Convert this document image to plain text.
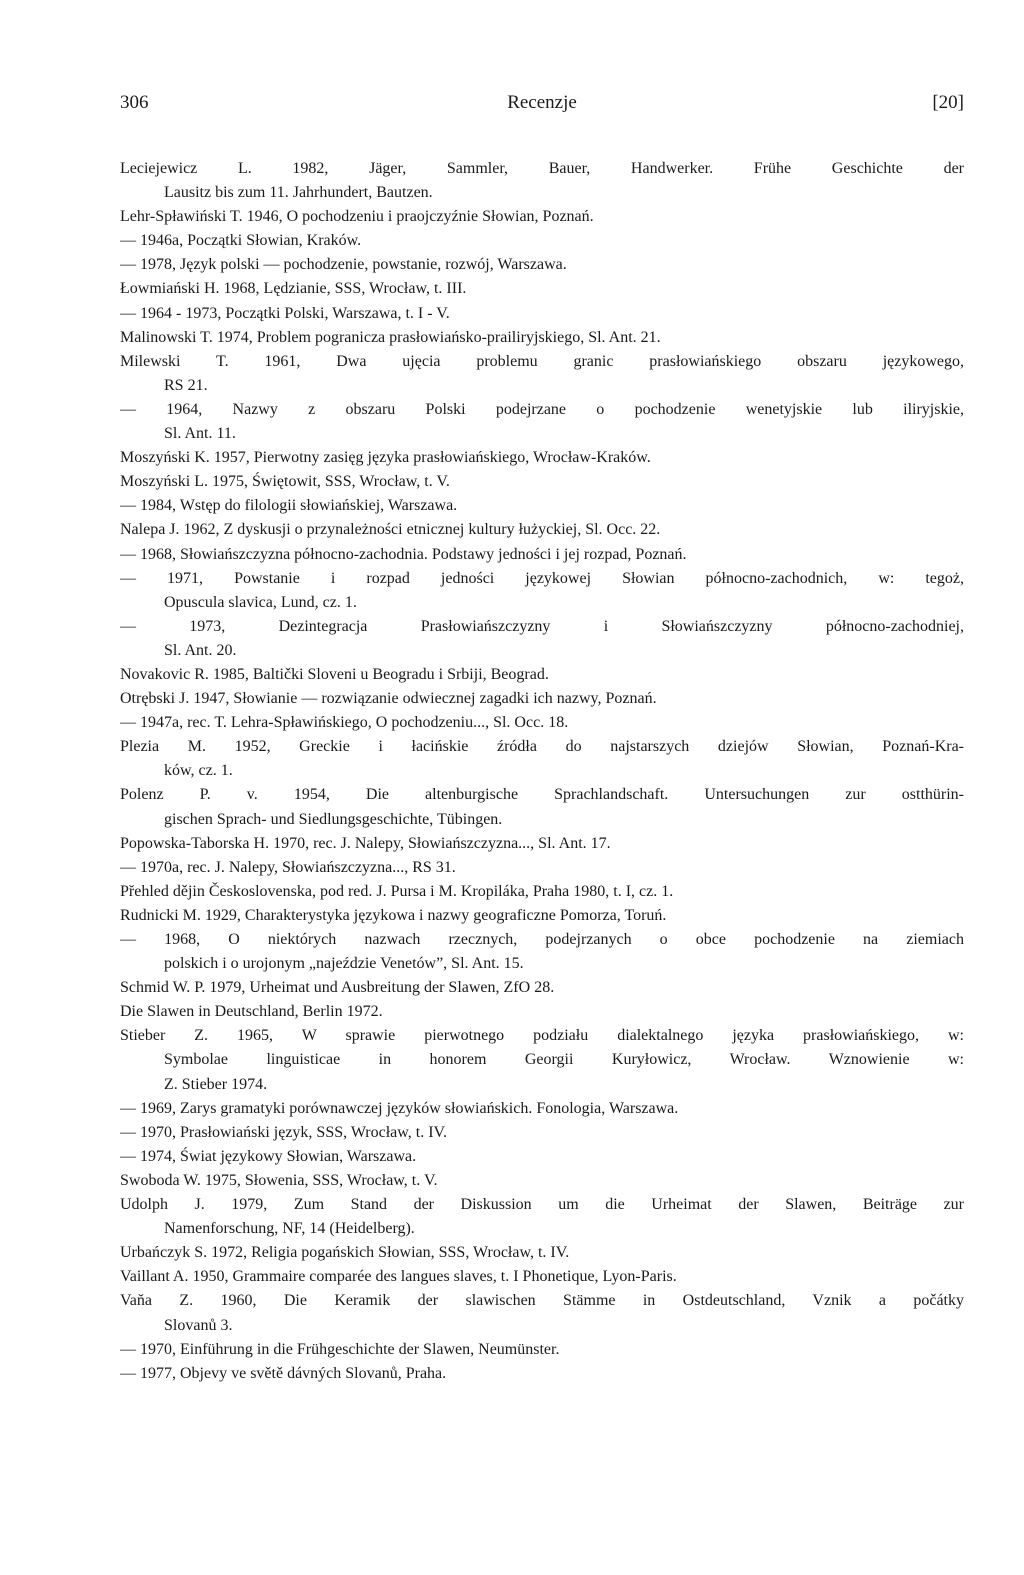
306	Recenzje	[20]
Leciejewicz L. 1982, Jäger, Sammler, Bauer, Handwerker. Frühe Geschichte der
Lausitz bis zum 11. Jahrhundert, Bautzen.
Lehr-Spławiński T. 1946, O pochodzeniu i praojczyźnie Słowian, Poznań.
— 1946a, Początki Słowian, Kraków.
— 1978, Język polski — pochodzenie, powstanie, rozwój, Warszawa.
Łowmiański H. 1968, Lędzianie, SSS, Wrocław, t. III.
— 1964 - 1973, Początki Polski, Warszawa, t. I - V.
Malinowski T. 1974, Problem pogranicza prasłowiańsko-prailiryjskiego, Sl. Ant. 21.
Milewski T. 1961, Dwa ujęcia problemu granic prasłowiańskiego obszaru językowego,
RS 21.
— 1964, Nazwy z obszaru Polski podejrzane o pochodzenie wenetyjskie lub iliryjskie,
Sl. Ant. 11.
Moszyński K. 1957, Pierwotny zasięg języka prasłowiańskiego, Wrocław-Kraków.
Moszyński L. 1975, Świętowit, SSS, Wrocław, t. V.
— 1984, Wstęp do filologii słowiańskiej, Warszawa.
Nalepa J. 1962, Z dyskusji o przynależności etnicznej kultury łużyckiej, Sl. Occ. 22.
— 1968, Słowiańszczyzna północno-zachodnia. Podstawy jedności i jej rozpad, Poznań.
— 1971, Powstanie i rozpad jedności językowej Słowian północno-zachodnich, w: tegoż,
Opuscula slavica, Lund, cz. 1.
— 1973, Dezintegracja Prasłowiańszczyzny i Słowiańszczyzny północno-zachodniej,
Sl. Ant. 20.
Novakovic R. 1985, Baltički Sloveni u Beogradu i Srbiji, Beograd.
Otrębski J. 1947, Słowianie — rozwiązanie odwiecznej zagadki ich nazwy, Poznań.
— 1947a, rec. T. Lehra-Spławińskiego, O pochodzeniu..., Sl. Occ. 18.
Plezia M. 1952, Greckie i łacińskie źródła do najstarszych dziejów Słowian, Poznań-Kra-
ków, cz. 1.
Polenz P. v. 1954, Die altenburgische Sprachlandschaft. Untersuchungen zur ostthürin-
gischen Sprach- und Siedlungsgeschichte, Tübingen.
Popowska-Taborska H. 1970, rec. J. Nalepy, Słowiańszczyzna..., Sl. Ant. 17.
— 1970a, rec. J. Nalepy, Słowiańszczyzna..., RS 31.
Přehled dějin Československa, pod red. J. Pursa i M. Kropiláka, Praha 1980, t. I, cz. 1.
Rudnicki M. 1929, Charakterystyka językowa i nazwy geograficzne Pomorza, Toruń.
— 1968, O niektórych nazwach rzecznych, podejrzanych o obce pochodzenie na ziemiach
polskich i o urojonym „najeździe Venetów”, Sl. Ant. 15.
Schmid W. P. 1979, Urheimat und Ausbreitung der Slawen, ZfO 28.
Die Slawen in Deutschland, Berlin 1972.
Stieber Z. 1965, W sprawie pierwotnego podziału dialektalnego języka prasłowiańskiego, w:
Symbolae linguisticae in honorem Georgii Kuryłowicz, Wrocław. Wznowienie w:
Z. Stieber 1974.
— 1969, Zarys gramatyki porównawczej języków słowiańskich. Fonologia, Warszawa.
— 1970, Prasłowiański język, SSS, Wrocław, t. IV.
— 1974, Świat językowy Słowian, Warszawa.
Swoboda W. 1975, Słowenia, SSS, Wrocław, t. V.
Udolph J. 1979, Zum Stand der Diskussion um die Urheimat der Slawen, Beiträge zur
Namenforschung, NF, 14 (Heidelberg).
Urbańczyk S. 1972, Religia pogańskich Słowian, SSS, Wrocław, t. IV.
Vaillant A. 1950, Grammaire comparée des langues slaves, t. I Phonetique, Lyon-Paris.
Vaňa Z. 1960, Die Keramik der slawischen Stämme in Ostdeutschland, Vznik a počátky
Slovanů 3.
— 1970, Einführung in die Frühgeschichte der Slawen, Neumünster.
— 1977, Objevy ve světě dávných Slovanů, Praha.
